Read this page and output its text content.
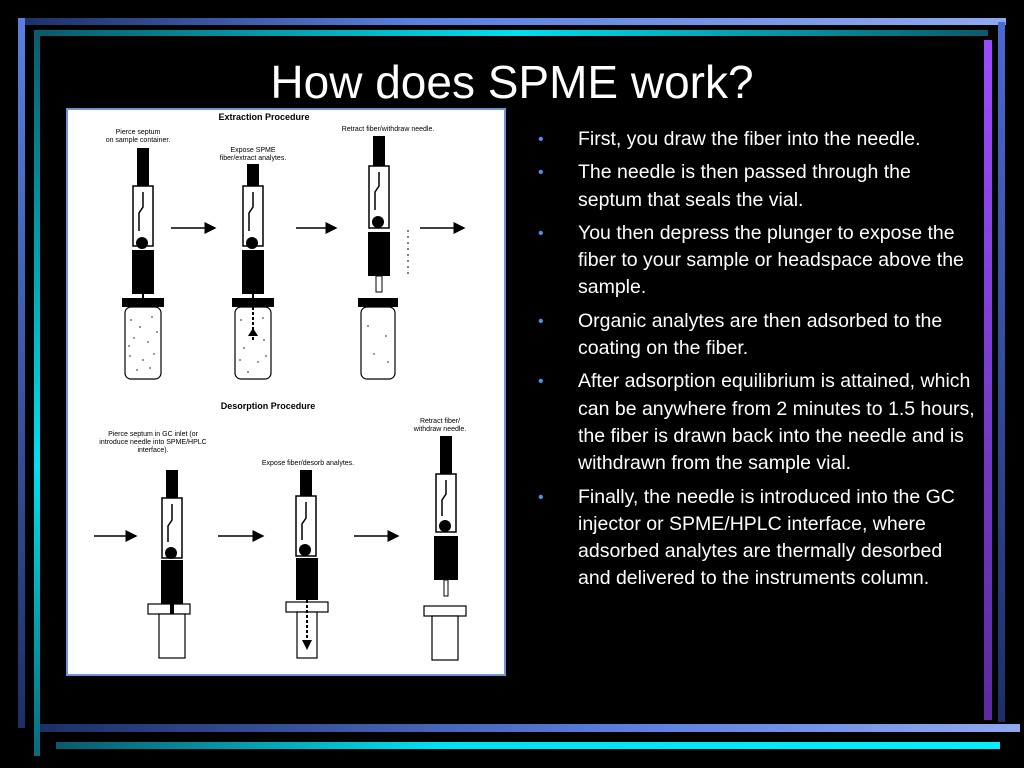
How does SPME work?
Extraction Procedure
Pierce septum
on sample container.
Expose SPME
fiber/extract analytes.
Retract fiber/withdraw needle.
Desorption Procedure
Pierce septum in GC inlet (or
introduce needle into SPME/HPLC
interface).
Expose fiber/desorb analytes.
Retract fiber/
withdraw needle.
• First, you draw the fiber into the needle.
• The needle is then passed through the septum that seals the vial.
• You then depress the plunger to expose the fiber to your sample or headspace above the sample.
• Organic analytes are then adsorbed to the coating on the fiber.
• After adsorption equilibrium is attained, which can be anywhere from 2 minutes to 1.5 hours, the fiber is drawn back into the needle and is withdrawn from the sample vial.
• Finally, the needle is introduced into the GC injector or SPME/HPLC interface, where adsorbed analytes are thermally desorbed and delivered to the instruments column.
